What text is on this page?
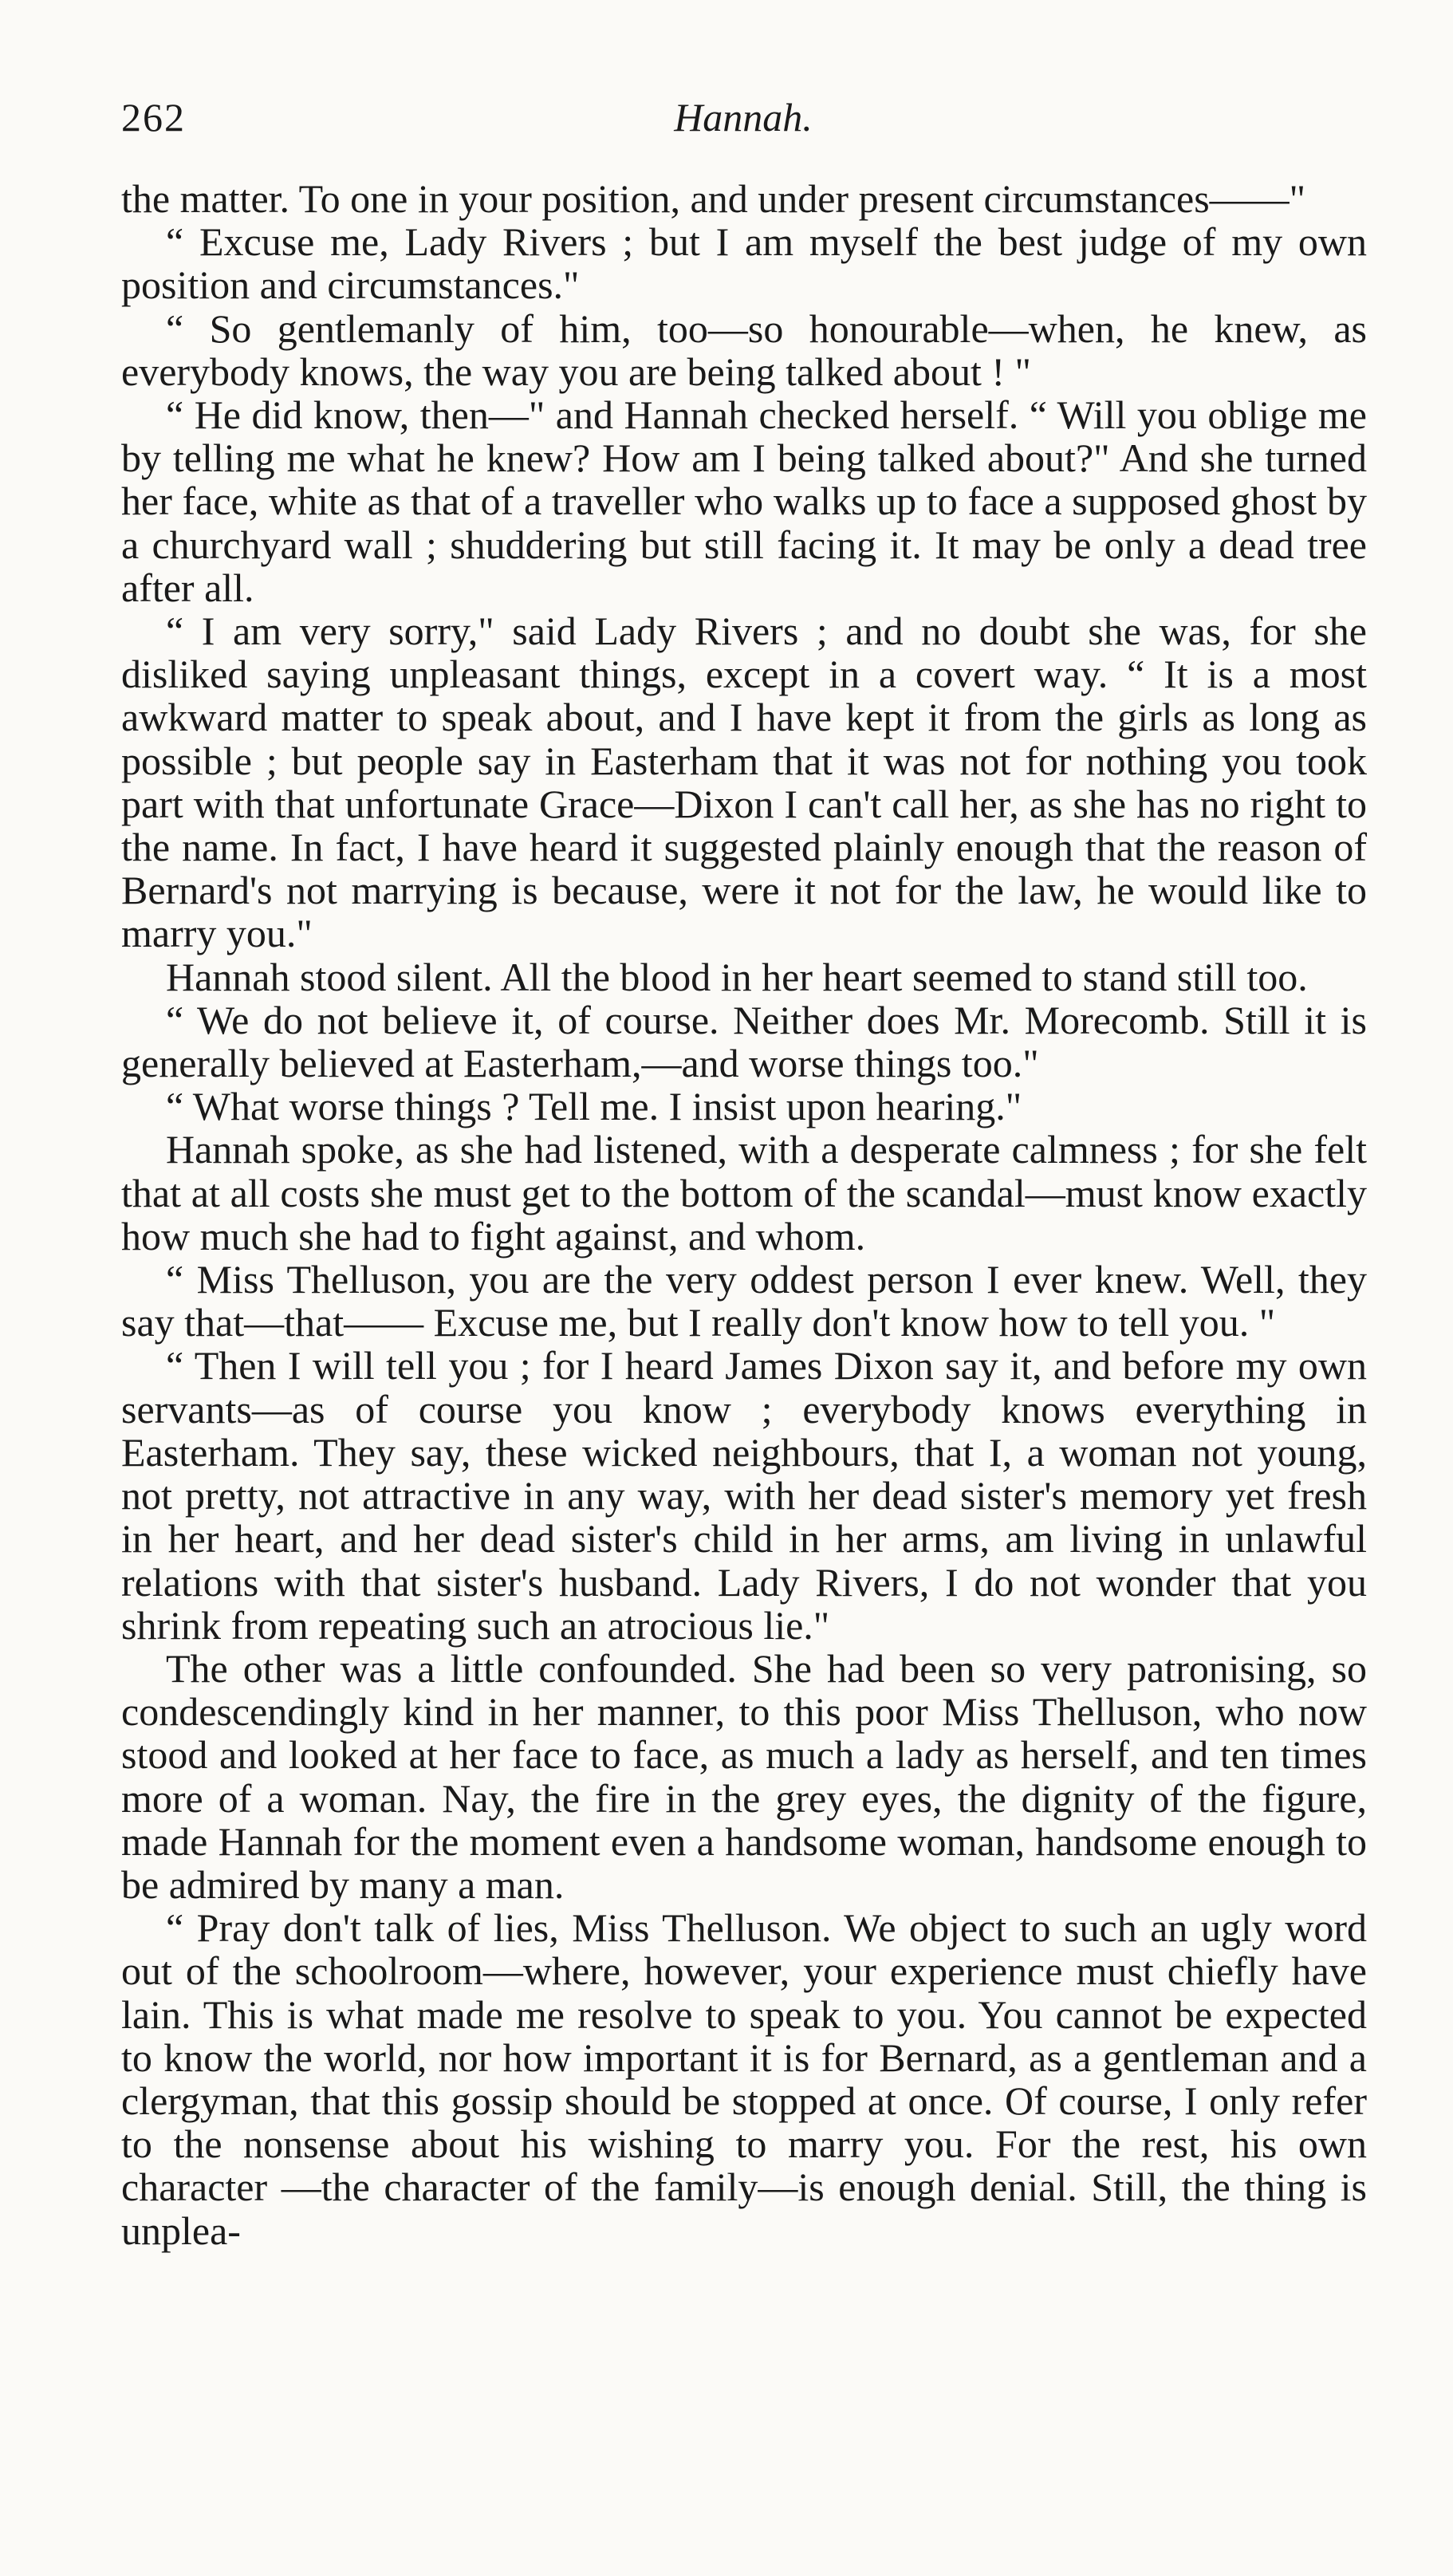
262	Hannah.

the matter. To one in your position, and under present circumstances——"

“ Excuse me, Lady Rivers ; but I am myself the best judge of my own position and circumstances."

“ So gentlemanly of him, too—so honourable—when, he knew, as everybody knows, the way you are being talked about ! "

“ He did know, then—" and Hannah checked herself. “ Will you oblige me by telling me what he knew? How am I being talked about?" And she turned her face, white as that of a traveller who walks up to face a supposed ghost by a churchyard wall ; shuddering but still facing it. It may be only a dead tree after all.

“ I am very sorry," said Lady Rivers ; and no doubt she was, for she disliked saying unpleasant things, except in a covert way. “ It is a most awkward matter to speak about, and I have kept it from the girls as long as possible ; but people say in Easterham that it was not for nothing you took part with that unfortunate Grace—Dixon I can't call her, as she has no right to the name. In fact, I have heard it suggested plainly enough that the reason of Bernard's not marrying is because, were it not for the law, he would like to marry you."

Hannah stood silent. All the blood in her heart seemed to stand still too.

“ We do not believe it, of course. Neither does Mr. Morecomb. Still it is generally believed at Easterham,—and worse things too."

“ What worse things ? Tell me. I insist upon hearing."

Hannah spoke, as she had listened, with a desperate calmness ; for she felt that at all costs she must get to the bottom of the scandal—must know exactly how much she had to fight against, and whom.

“ Miss Thelluson, you are the very oddest person I ever knew. Well, they say that—that—— Excuse me, but I really don't know how to tell you. "

“ Then I will tell you ; for I heard James Dixon say it, and before my own servants—as of course you know ; everybody knows everything in Easterham. They say, these wicked neighbours, that I, a woman not young, not pretty, not attractive in any way, with her dead sister's memory yet fresh in her heart, and her dead sister's child in her arms, am living in unlawful relations with that sister's husband. Lady Rivers, I do not wonder that you shrink from repeating such an atrocious lie."

The other was a little confounded. She had been so very patronising, so condescendingly kind in her manner, to this poor Miss Thelluson, who now stood and looked at her face to face, as much a lady as herself, and ten times more of a woman. Nay, the fire in the grey eyes, the dignity of the figure, made Hannah for the moment even a handsome woman, handsome enough to be admired by many a man.

“ Pray don't talk of lies, Miss Thelluson. We object to such an ugly word out of the schoolroom—where, however, your experience must chiefly have lain. This is what made me resolve to speak to you. You cannot be expected to know the world, nor how important it is for Bernard, as a gentleman and a clergyman, that this gossip should be stopped at once. Of course, I only refer to the nonsense about his wishing to marry you. For the rest, his own character —the character of the family—is enough denial. Still, the thing is unplea-
